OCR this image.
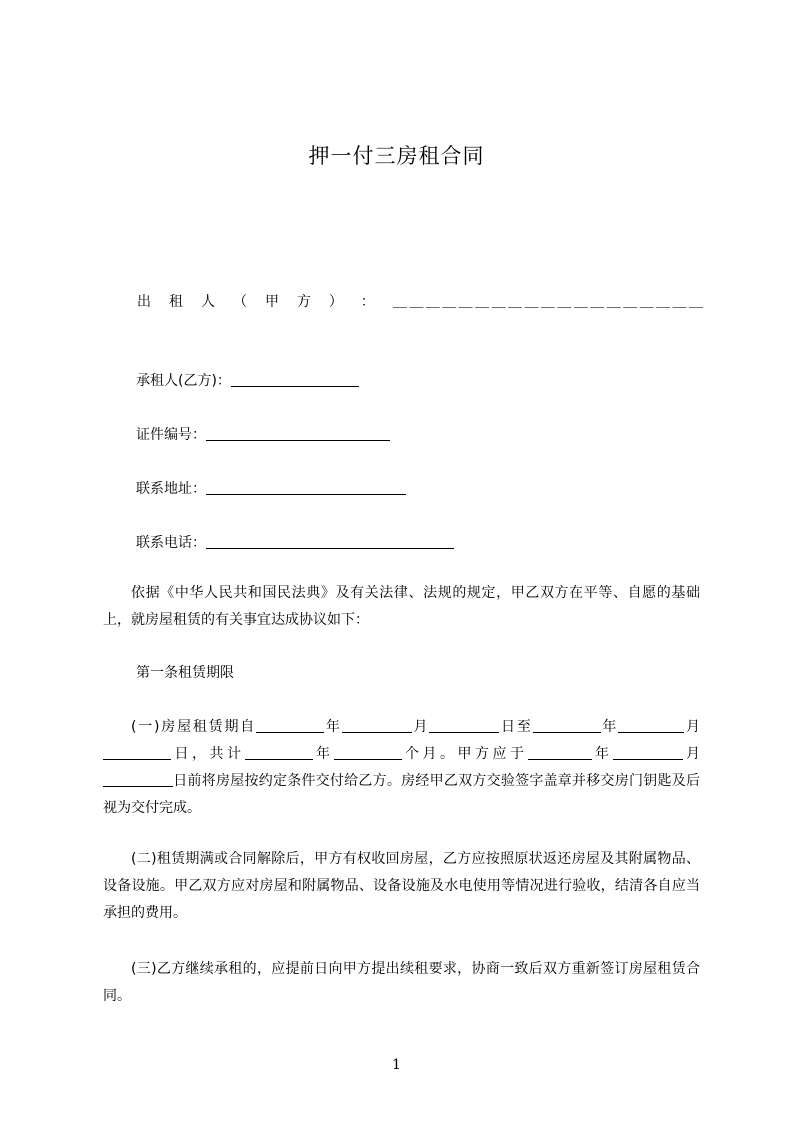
押一付三房租合同
出 租 人 （ 甲 方 ） ： ＿ ＿ ＿ ＿ ＿ ＿ ＿ ＿ ＿ ＿ ＿ ＿ ＿ ＿ ＿ ＿ ＿ ＿ ＿
承租人(乙方)：
证件编号：
联系地址：
联系电话：
依据《中华人民共和国民法典》及有关法律、法规的规定，甲乙双方在平等、自愿的基础上，就房屋租赁的有关事宜达成协议如下：
第一条租赁期限
(一)房屋租赁期自	年	月	日至	年	月日，共计	年	个月。甲方应于	年	月日前将房屋按约定条件交付给乙方。房经甲乙双方交验签字盖章并移交房门钥匙及后视为交付完成。
(二)租赁期满或合同解除后，甲方有权收回房屋，乙方应按照原状返还房屋及其附属物品、设备设施。甲乙双方应对房屋和附属物品、设备设施及水电使用等情况进行验收，结清各自应当承担的费用。
(三)乙方继续承租的，应提前日向甲方提出续租要求，协商一致后双方重新签订房屋租赁合同。
1
